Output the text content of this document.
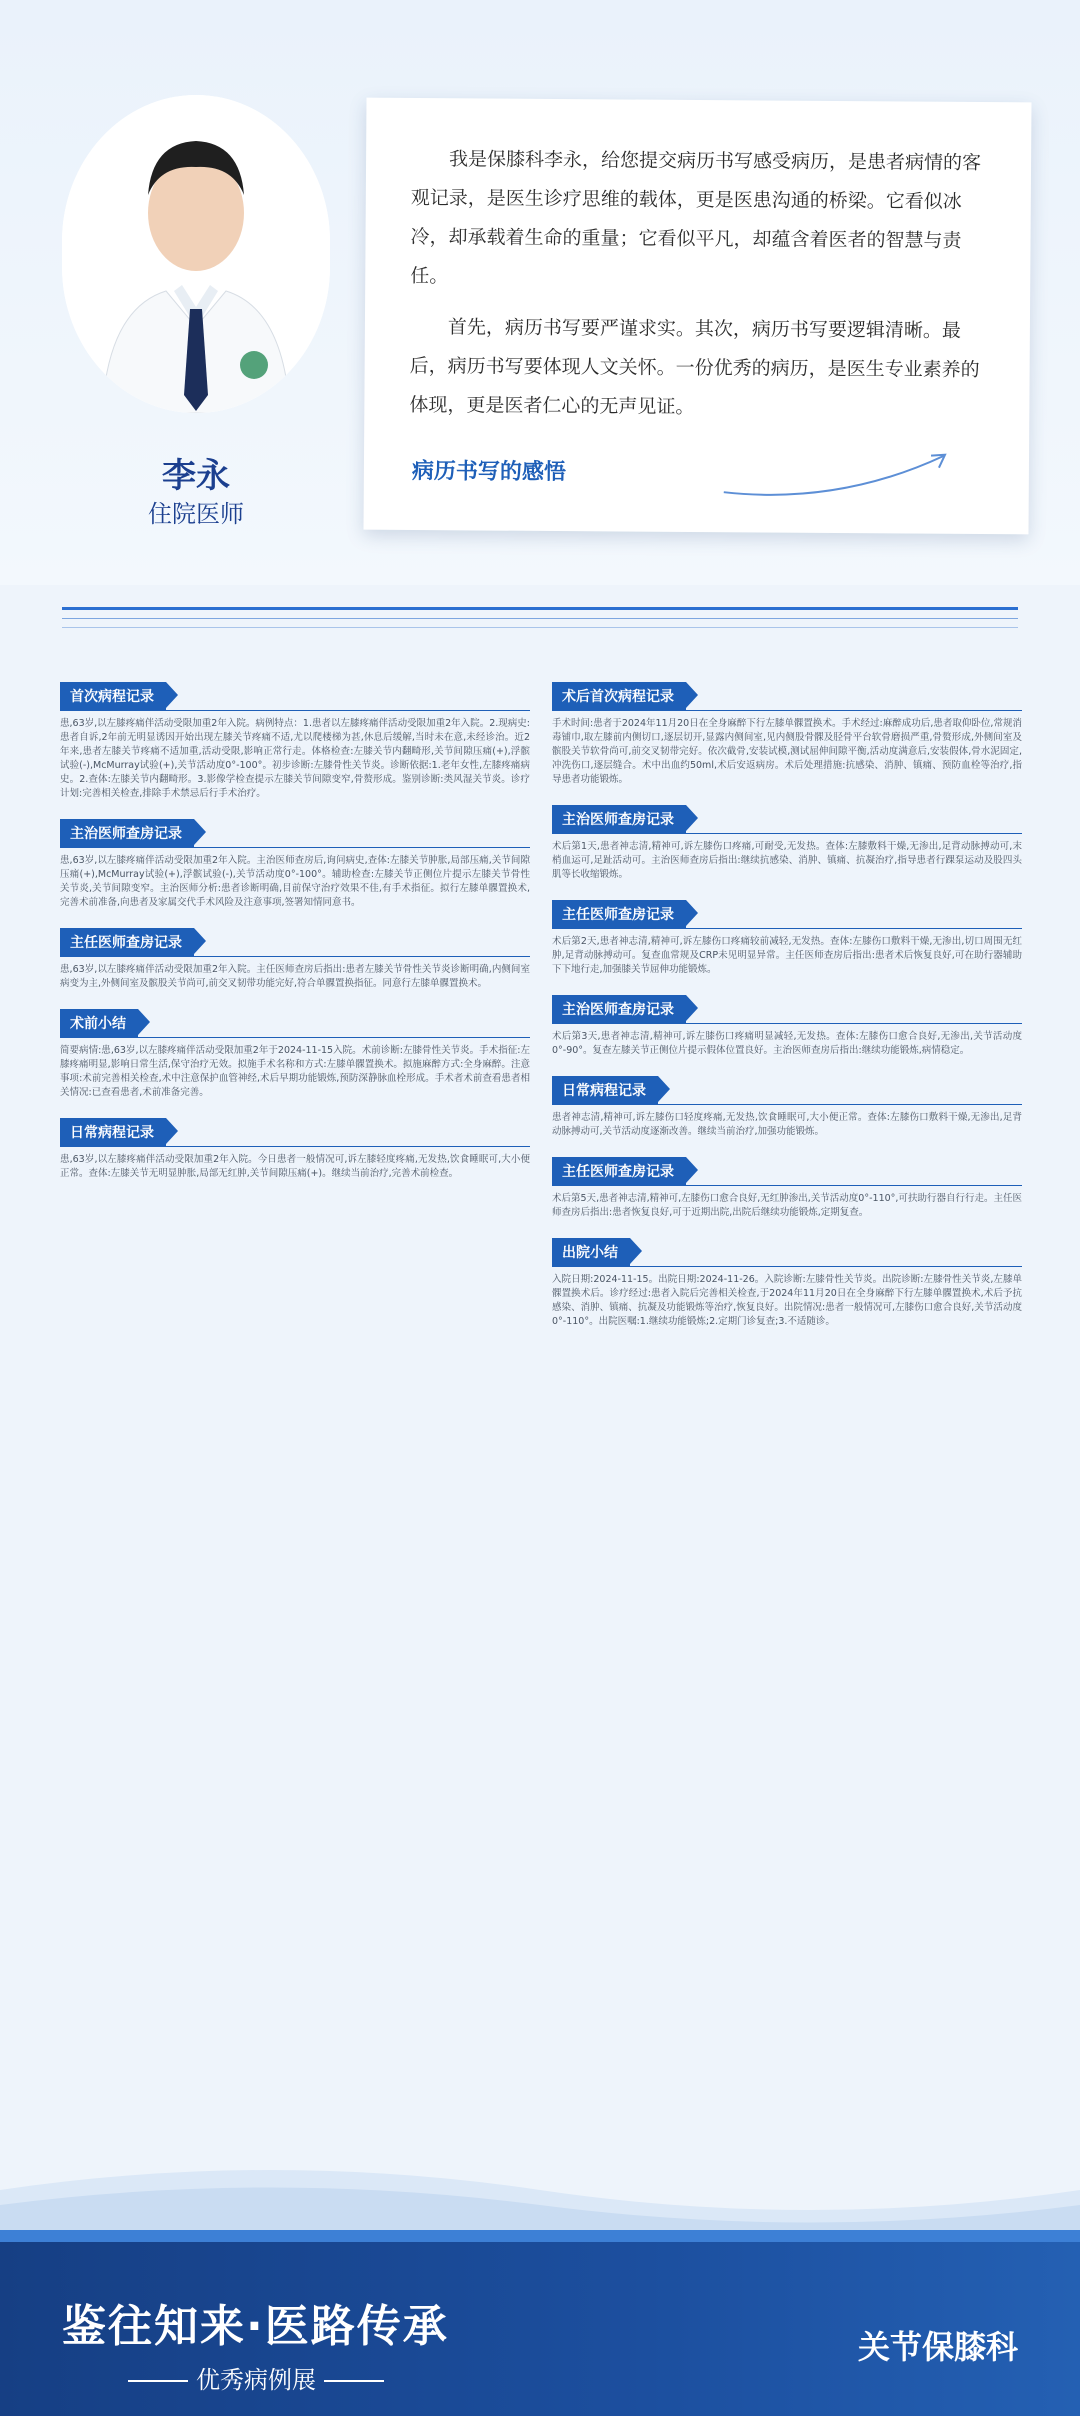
李永
住院医师

我是保膝科李永，给您提交病历书写感受病历，是患者病情的客观记录，是医生诊疗思维的载体，更是医患沟通的桥梁。它看似冰冷，却承载着生命的重量；它看似平凡，却蕴含着医者的智慧与责任。

首先，病历书写要严谨求实。其次，病历书写要逻辑清晰。最后，病历书写要体现人文关怀。一份优秀的病历，是医生专业素养的体现，更是医者仁心的无声见证。

病历书写的感悟
首次病程记录
患,63岁,以左膝疼痛伴活动受限加重2年入院。病例特点：1.患者以左膝疼痛伴活动受限加重2年入院。2.现病史:患者自诉,2年前无明显诱因开始出现左膝关节疼痛不适,尤以爬楼梯为甚,休息后缓解,当时未在意,未经诊治。近2年来,患者左膝关节疼痛不适加重,活动受限,影响正常行走。体格检查:左膝关节内翻畸形,关节间隙压痛(+),浮髌试验(-),McMurray试验(+),关节活动度0°-100°。初步诊断:左膝骨性关节炎。诊断依据:1.老年女性,左膝疼痛病史。2.查体:左膝关节内翻畸形。3.影像学检查提示左膝关节间隙变窄,骨赘形成。鉴别诊断:类风湿关节炎。诊疗计划:完善相关检查,排除手术禁忌后行手术治疗。
主治医师查房记录
患,63岁,以左膝疼痛伴活动受限加重2年入院。主治医师查房后,询问病史,查体:左膝关节肿胀,局部压痛,关节间隙压痛(+),McMurray试验(+),浮髌试验(-),关节活动度0°-100°。辅助检查:左膝关节正侧位片提示左膝关节骨性关节炎,关节间隙变窄。主治医师分析:患者诊断明确,目前保守治疗效果不佳,有手术指征。拟行左膝单髁置换术,完善术前准备,向患者及家属交代手术风险及注意事项,签署知情同意书。
主任医师查房记录
患,63岁,以左膝疼痛伴活动受限加重2年入院。主任医师查房后指出:患者左膝关节骨性关节炎诊断明确,内侧间室病变为主,外侧间室及髌股关节尚可,前交叉韧带功能完好,符合单髁置换指征。同意行左膝单髁置换术。
术前小结
简要病情:患,63岁,以左膝疼痛伴活动受限加重2年于2024-11-15入院。术前诊断:左膝骨性关节炎。手术指征:左膝疼痛明显,影响日常生活,保守治疗无效。拟施手术名称和方式:左膝单髁置换术。拟施麻醉方式:全身麻醉。注意事项:术前完善相关检查,术中注意保护血管神经,术后早期功能锻炼,预防深静脉血栓形成。手术者术前查看患者相关情况:已查看患者,术前准备完善。
日常病程记录
患,63岁,以左膝疼痛伴活动受限加重2年入院。今日患者一般情况可,诉左膝轻度疼痛,无发热,饮食睡眠可,大小便正常。查体:左膝关节无明显肿胀,局部无红肿,关节间隙压痛(+)。继续当前治疗,完善术前检查。
术后首次病程记录
手术时间:患者于2024年11月20日在全身麻醉下行左膝单髁置换术。手术经过:麻醉成功后,患者取仰卧位,常规消毒铺巾,取左膝前内侧切口,逐层切开,显露内侧间室,见内侧股骨髁及胫骨平台软骨磨损严重,骨赘形成,外侧间室及髌股关节软骨尚可,前交叉韧带完好。依次截骨,安装试模,测试屈伸间隙平衡,活动度满意后,安装假体,骨水泥固定,冲洗伤口,逐层缝合。术中出血约50ml,术后安返病房。术后处理措施:抗感染、消肿、镇痛、预防血栓等治疗,指导患者功能锻炼。
主治医师查房记录
术后第1天,患者神志清,精神可,诉左膝伤口疼痛,可耐受,无发热。查体:左膝敷料干燥,无渗出,足背动脉搏动可,末梢血运可,足趾活动可。主治医师查房后指出:继续抗感染、消肿、镇痛、抗凝治疗,指导患者行踝泵运动及股四头肌等长收缩锻炼。
主任医师查房记录
术后第2天,患者神志清,精神可,诉左膝伤口疼痛较前减轻,无发热。查体:左膝伤口敷料干燥,无渗出,切口周围无红肿,足背动脉搏动可。复查血常规及CRP未见明显异常。主任医师查房后指出:患者术后恢复良好,可在助行器辅助下下地行走,加强膝关节屈伸功能锻炼。
主治医师查房记录
术后第3天,患者神志清,精神可,诉左膝伤口疼痛明显减轻,无发热。查体:左膝伤口愈合良好,无渗出,关节活动度0°-90°。复查左膝关节正侧位片提示假体位置良好。主治医师查房后指出:继续功能锻炼,病情稳定。
日常病程记录
患者神志清,精神可,诉左膝伤口轻度疼痛,无发热,饮食睡眠可,大小便正常。查体:左膝伤口敷料干燥,无渗出,足背动脉搏动可,关节活动度逐渐改善。继续当前治疗,加强功能锻炼。
主任医师查房记录
术后第5天,患者神志清,精神可,左膝伤口愈合良好,无红肿渗出,关节活动度0°-110°,可扶助行器自行行走。主任医师查房后指出:患者恢复良好,可于近期出院,出院后继续功能锻炼,定期复查。
出院小结
入院日期:2024-11-15。出院日期:2024-11-26。入院诊断:左膝骨性关节炎。出院诊断:左膝骨性关节炎,左膝单髁置换术后。诊疗经过:患者入院后完善相关检查,于2024年11月20日在全身麻醉下行左膝单髁置换术,术后予抗感染、消肿、镇痛、抗凝及功能锻炼等治疗,恢复良好。出院情况:患者一般情况可,左膝伤口愈合良好,关节活动度0°-110°。出院医嘱:1.继续功能锻炼;2.定期门诊复查;3.不适随诊。
鉴往知来·医路传承
优秀病例展
关节保膝科
